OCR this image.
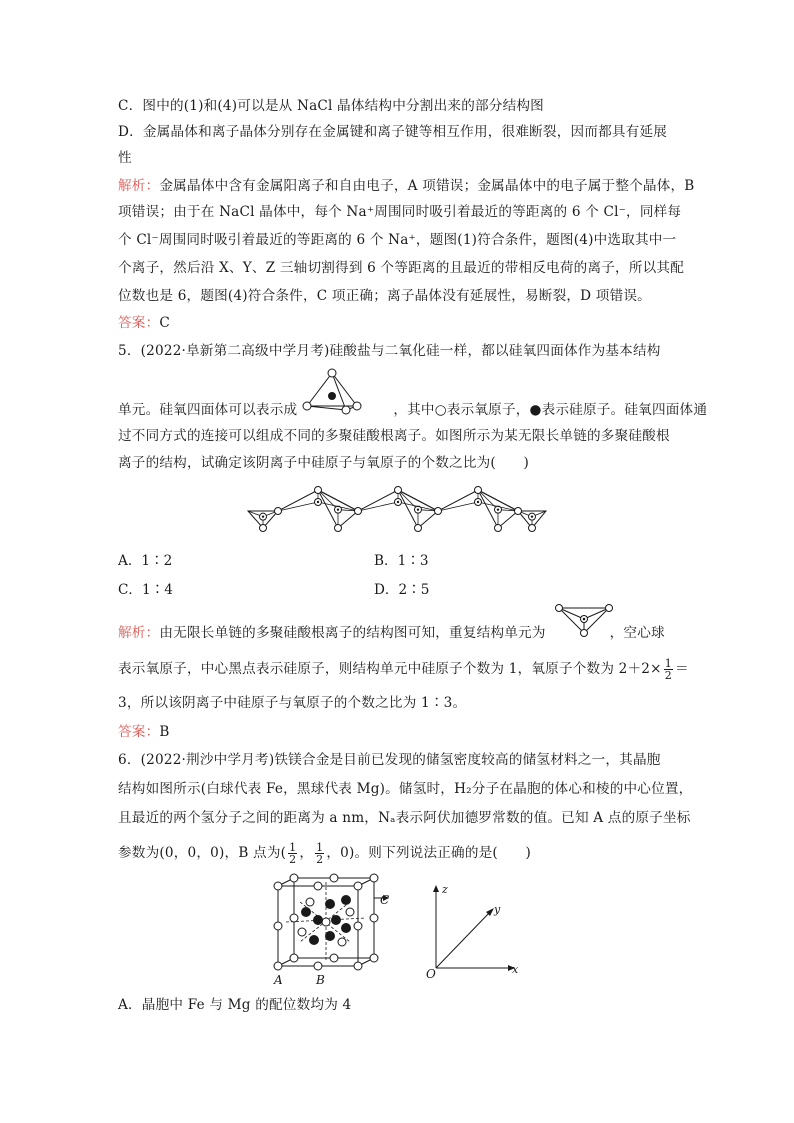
C．图中的(1)和(4)可以是从 NaCl 晶体结构中分割出来的部分结构图
D．金属晶体和离子晶体分别存在金属键和离子键等相互作用，很难断裂，因而都具有延展
性
解析：金属晶体中含有金属阳离子和自由电子，A 项错误；金属晶体中的电子属于整个晶体，B
项错误；由于在 NaCl 晶体中，每个 Na⁺周围同时吸引着最近的等距离的 6 个 Cl⁻，同样每
个 Cl⁻周围同时吸引着最近的等距离的 6 个 Na⁺，题图(1)符合条件，题图(4)中选取其中一
个离子，然后沿 X、Y、Z 三轴切割得到 6 个等距离的且最近的带相反电荷的离子，所以其配
位数也是 6，题图(4)符合条件，C 项正确；离子晶体没有延展性，易断裂，D 项错误。
答案：C
5．(2022·阜新第二高级中学月考)硅酸盐与二氧化硅一样，都以硅氧四面体作为基本结构
单元。硅氧四面体可以表示成	，其中○表示氧原子，●表示硅原子。硅氧四面体通
过不同方式的连接可以组成不同的多聚硅酸根离子。如图所示为某无限长单链的多聚硅酸根
离子的结构，试确定该阴离子中硅原子与氧原子的个数之比为(　　)
A．1∶2	B．1∶3
C．1∶4	D．2∶5
解析：由无限长单链的多聚硅酸根离子的结构图可知，重复结构单元为	，空心球
表示氧原子，中心黑点表示硅原子，则结构单元中硅原子个数为 1，氧原子个数为 $2+2\times \frac{1}{2}$ ＝
3，所以该阴离子中硅原子与氧原子的个数之比为 1∶3。
答案：B
6．(2022·荆沙中学月考)铁镁合金是目前已发现的储氢密度较高的储氢材料之一，其晶胞
结构如图所示(白球代表 Fe，黑球代表 Mg)。储氢时，H₂分子在晶胞的体心和棱的中心位置，
且最近的两个氢分子之间的距离为 a nm，Nₐ表示阿伏加德罗常数的值。已知 A 点的原子坐标
参数为(0，0，0)，B 点为( $\frac{1}{2}$ ， $\frac{1}{2}$ ，0)。则下列说法正确的是(　　)
C
A	B
z
y
x
O
A．晶胞中 Fe 与 Mg 的配位数均为 4
